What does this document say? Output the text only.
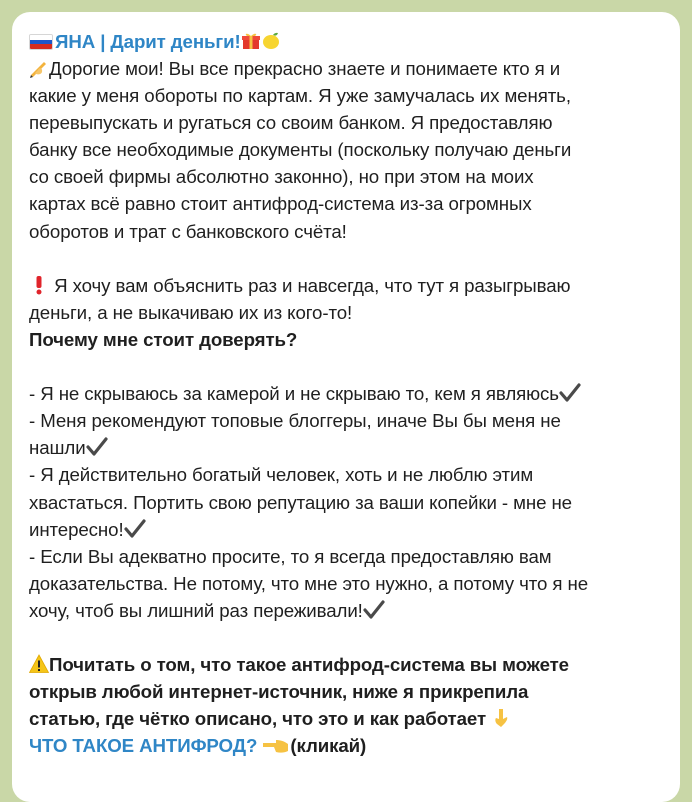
ЯНА | Дарит деньги!
Дорогие мои! Вы все прекрасно знаете и понимаете кто я и
какие у меня обороты по картам. Я уже замучалась их менять,
перевыпускать и ругаться со своим банком. Я предоставляю
банку все необходимые документы (поскольку получаю деньги
со своей фирмы абсолютно законно), но при этом на моих
картах всё равно стоит антифрод-система из-за огромных
оборотов и трат с банковского счёта!
Я хочу вам объяснить раз и навсегда, что тут я разыгрываю
деньги, а не выкачиваю их из кого-то!
Почему мне стоит доверять?
- Я не скрываюсь за камерой и не скрываю то, кем я являюсь
- Меня рекомендуют топовые блоггеры, иначе Вы бы меня не
нашли
- Я действительно богатый человек, хоть и не люблю этим
хвастаться. Портить свою репутацию за ваши копейки - мне не
интересно!
- Если Вы адекватно просите, то я всегда предоставляю вам
доказательства. Не потому, что мне это нужно, а потому что я не
хочу, чтоб вы лишний раз переживали!
Почитать о том, что такое антифрод-система вы можете
открыв любой интернет-источник, ниже я прикрепила
статью, где чётко описано, что это и как работает
ЧТО ТАКОЕ АНТИФРОД? (кликай)
